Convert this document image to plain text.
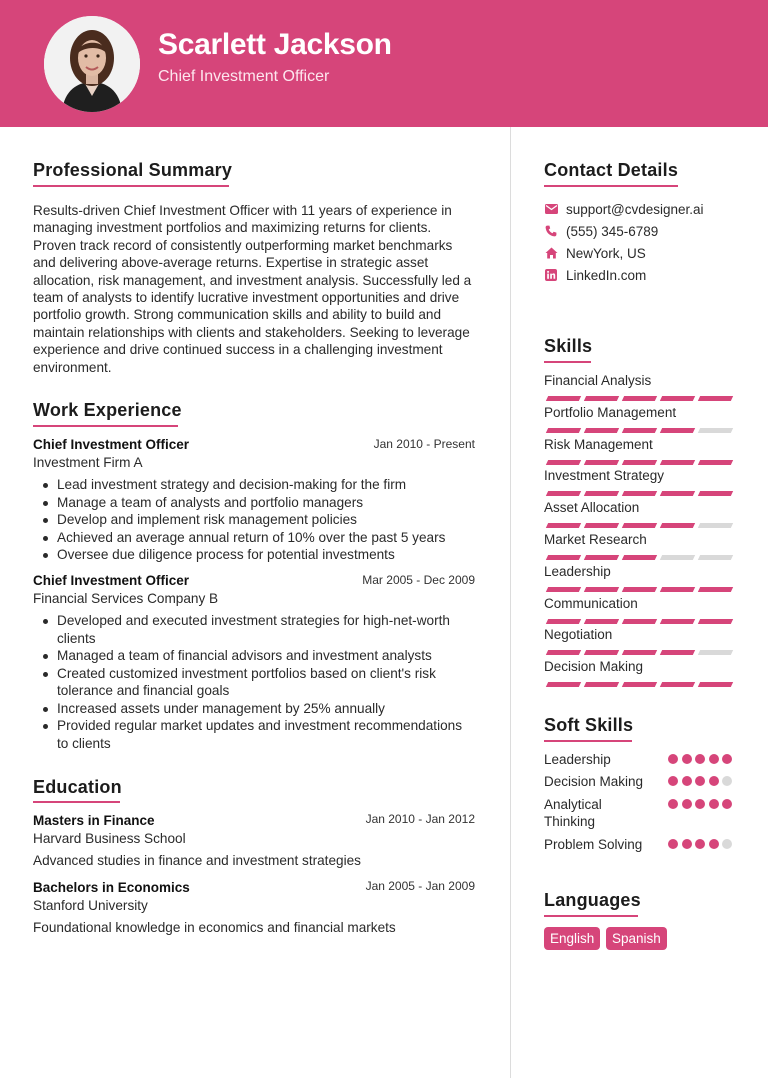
Scarlett Jackson
Chief Investment Officer
Professional Summary
Results-driven Chief Investment Officer with 11 years of experience in managing investment portfolios and maximizing returns for clients. Proven track record of consistently outperforming market benchmarks and delivering above-average returns. Expertise in strategic asset allocation, risk management, and investment analysis. Successfully led a team of analysts to identify lucrative investment opportunities and drive portfolio growth. Strong communication skills and ability to build and maintain relationships with clients and stakeholders. Seeking to leverage experience and drive continued success in a challenging investment environment.
Work Experience
Chief Investment Officer	Jan 2010 - Present
Investment Firm A
Lead investment strategy and decision-making for the firm
Manage a team of analysts and portfolio managers
Develop and implement risk management policies
Achieved an average annual return of 10% over the past 5 years
Oversee due diligence process for potential investments
Chief Investment Officer	Mar 2005 - Dec 2009
Financial Services Company B
Developed and executed investment strategies for high-net-worth clients
Managed a team of financial advisors and investment analysts
Created customized investment portfolios based on client's risk tolerance and financial goals
Increased assets under management by 25% annually
Provided regular market updates and investment recommendations to clients
Education
Masters in Finance	Jan 2010 - Jan 2012
Harvard Business School
Advanced studies in finance and investment strategies
Bachelors in Economics	Jan 2005 - Jan 2009
Stanford University
Foundational knowledge in economics and financial markets
Contact Details
support@cvdesigner.ai
(555) 345-6789
NewYork, US
LinkedIn.com
Skills
Financial Analysis
Portfolio Management
Risk Management
Investment Strategy
Asset Allocation
Market Research
Leadership
Communication
Negotiation
Decision Making
Soft Skills
Leadership
Decision Making
Analytical Thinking
Problem Solving
Languages
English	Spanish
